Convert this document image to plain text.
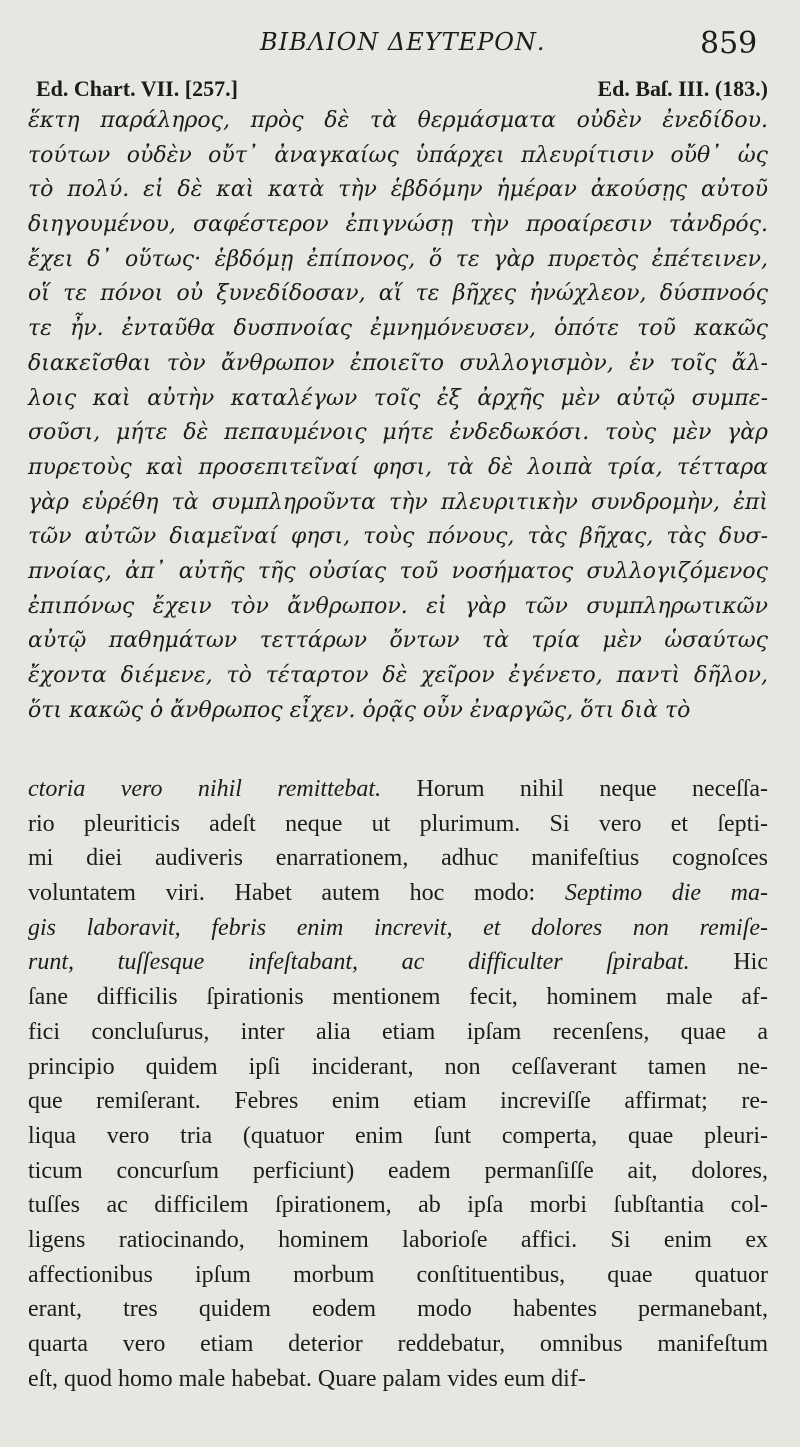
ΒΙΒΛΙΟΝ ΔΕΥΤΕΡΟΝ.	859
Ed. Chart. VII. [257.]	Ed. Baſ. III. (183.)
ἕκτη παράληρος, πρὸς δὲ τὰ θερμάσματα οὐδὲν ἐνεδίδου.
τούτων οὐδὲν οὔτ᾽ ἀναγκαίως ὑπάρχει πλευρίτισιν οὔθ᾽ ὡς
τὸ πολύ. εἰ δὲ καὶ κατὰ τὴν ἑβδόμην ἡμέραν ἀκούσῃς αὐτοῦ
διηγουμένου, σαφέστερον ἐπιγνώσῃ τὴν προαίρεσιν τἀνδρός.
ἔχει δ᾽ οὕτως· ἑβδόμῃ ἐπίπονος, ὅ τε γὰρ πυρετὸς ἐπέτεινεν,
οἵ τε πόνοι οὐ ξυνεδίδοσαν, αἵ τε βῆχες ἠνώχλεον, δύσπνοός
τε ἦν. ἐνταῦθα δυσπνοίας ἐμνημόνευσεν, ὁπότε τοῦ κακῶς
διακεῖσθαι τὸν ἄνθρωπον ἐποιεῖτο συλλογισμὸν, ἐν τοῖς ἄλ-
λοις καὶ αὐτὴν καταλέγων τοῖς ἐξ ἀρχῆς μὲν αὐτῷ συμπε-
σοῦσι, μήτε δὲ πεπαυμένοις μήτε ἐνδεδωκόσι. τοὺς μὲν γὰρ
πυρετοὺς καὶ προσεπιτεῖναί φησι, τὰ δὲ λοιπὰ τρία, τέτταρα
γὰρ εὑρέθη τὰ συμπληροῦντα τὴν πλευριτικὴν συνδρομὴν, ἐπὶ
τῶν αὐτῶν διαμεῖναί φησι, τοὺς πόνους, τὰς βῆχας, τὰς δυσ-
πνοίας, ἀπ᾽ αὐτῆς τῆς οὐσίας τοῦ νοσήματος συλλογιζόμενος
ἐπιπόνως ἔχειν τὸν ἄνθρωπον. εἰ γὰρ τῶν συμπληρωτικῶν
αὐτῷ παθημάτων τεττάρων ὄντων τὰ τρία μὲν ὡσαύτως
ἔχοντα διέμενε, τὸ τέταρτον δὲ χεῖρον ἐγένετο, παντὶ δῆλον,
ὅτι κακῶς ὁ ἄνθρωπος εἶχεν. ὁρᾷς οὖν ἐναργῶς, ὅτι διὰ τὸ
ctoria vero nihil remittebat. Horum nihil neque neceſſa-
rio pleuriticis adeſt neque ut plurimum. Si vero et ſepti-
mi diei audiveris enarrationem, adhuc manifeſtius cognoſces
voluntatem viri. Habet autem hoc modo: Septimo die ma-
gis laboravit, febris enim increvit, et dolores non remiſe-
runt, tuſſesque infeſtabant, ac difficulter ſpirabat. Hic
ſane difficilis ſpirationis mentionem fecit, hominem male af-
fici concluſurus, inter alia etiam ipſam recenſens, quae a
principio quidem ipſi inciderant, non ceſſaverant tamen ne-
que remiſerant. Febres enim etiam increviſſe affirmat; re-
liqua vero tria (quatuor enim ſunt comperta, quae pleuri-
ticum concurſum perficiunt) eadem permanſiſſe ait, dolores,
tuſſes ac difficilem ſpirationem, ab ipſa morbi ſubſtantia col-
ligens ratiocinando, hominem laborioſe affici. Si enim ex
affectionibus ipſum morbum conſtituentibus, quae quatuor
erant, tres quidem eodem modo habentes permanebant,
quarta vero etiam deterior reddebatur, omnibus manifeſtum
eſt, quod homo male habebat. Quare palam vides eum dif-
